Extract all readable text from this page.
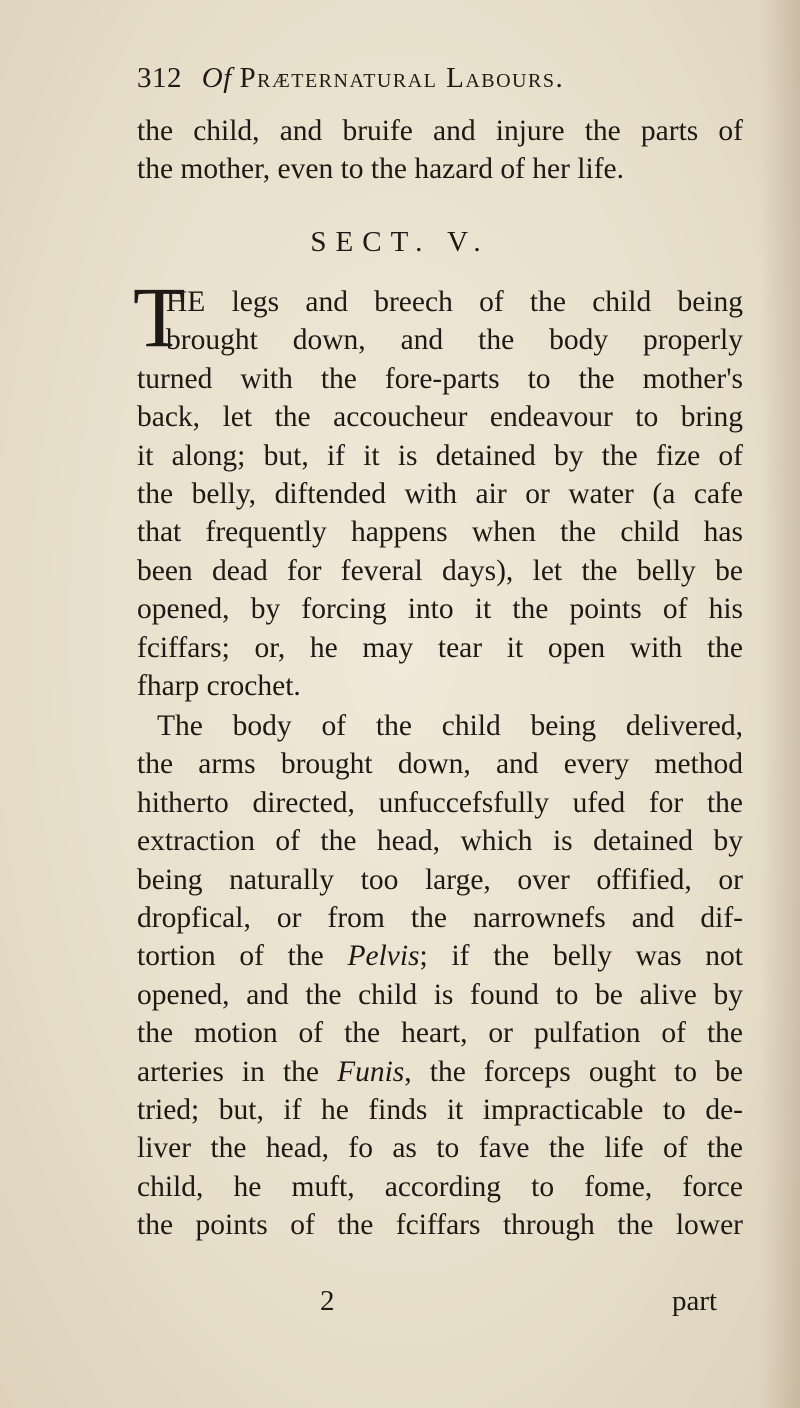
312 Of Præternatural Labours.
the child, and bruife and injure the parts of
the mother, even to the hazard of her life.
SECT. V.
T
HE legs and breech of the child being
brought down, and the body properly
turned with the fore-parts to the mother's
back, let the accoucheur endeavour to bring
it along; but, if it is detained by the fize of
the belly, diftended with air or water (a cafe
that frequently happens when the child has
been dead for feveral days), let the belly be
opened, by forcing into it the points of his
fciffars; or, he may tear it open with the
fharp crochet.
The body of the child being delivered,
the arms brought down, and every method
hitherto directed, unfuccefsfully ufed for the
extraction of the head, which is detained by
being naturally too large, over offified, or
dropfical, or from the narrownefs and dif-
tortion of the Pelvis; if the belly was not
opened, and the child is found to be alive by
the motion of the heart, or pulfation of the
arteries in the Funis, the forceps ought to be
tried; but, if he finds it impracticable to de-
liver the head, fo as to fave the life of the
child, he muft, according to fome, force
the points of the fciffars through the lower
2	part
